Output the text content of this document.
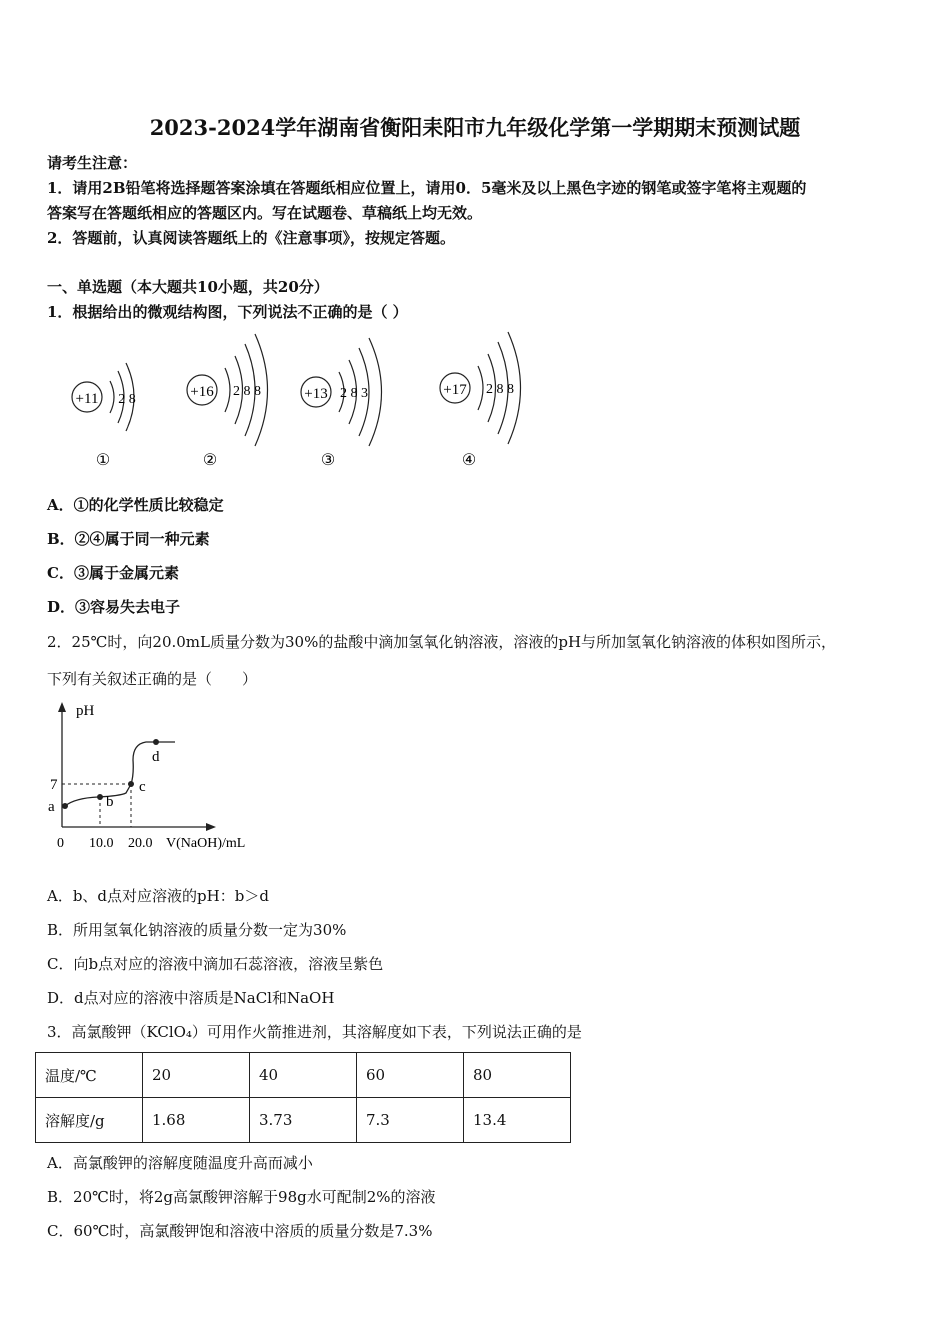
2023-2024学年湖南省衡阳耒阳市九年级化学第一学期期末预测试题
请考生注意：
1．请用2B铅笔将选择题答案涂填在答题纸相应位置上，请用0．5毫米及以上黑色字迹的钢笔或签字笔将主观题的
答案写在答题纸相应的答题区内。写在试题卷、草稿纸上均无效。
2．答题前，认真阅读答题纸上的《注意事项》，按规定答题。
一、单选题（本大题共10小题，共20分）
1．根据给出的微观结构图，下列说法不正确的是（ ）
+11 2 8
①
+16 2 8 8
②
+13 2 8 3
③
+17 2 8 8
④
A．①的化学性质比较稳定
B．②④属于同一种元素
C．③属于金属元素
D．③容易失去电子
2．25℃时，向20.0mL质量分数为30%的盐酸中滴加氢氧化钠溶液，溶液的pH与所加氢氧化钠溶液的体积如图所示，
下列有关叙述正确的是（　　）
pH
7
a	b
c
d
0 10.0 20.0 V(NaOH)/mL
A．b、d点对应溶液的pH：b＞d
B．所用氢氧化钠溶液的质量分数一定为30%
C．向b点对应的溶液中滴加石蕊溶液，溶液呈紫色
D．d点对应的溶液中溶质是NaCl和NaOH
3．高氯酸钾（KClO₄）可用作火箭推进剂，其溶解度如下表，下列说法正确的是
温度/℃	20	40	60	80
溶解度/g	1.68	3.73	7.3	13.4
A．高氯酸钾的溶解度随温度升高而减小
B．20℃时，将2g高氯酸钾溶解于98g水可配制2%的溶液
C．60℃时，高氯酸钾饱和溶液中溶质的质量分数是7.3%
